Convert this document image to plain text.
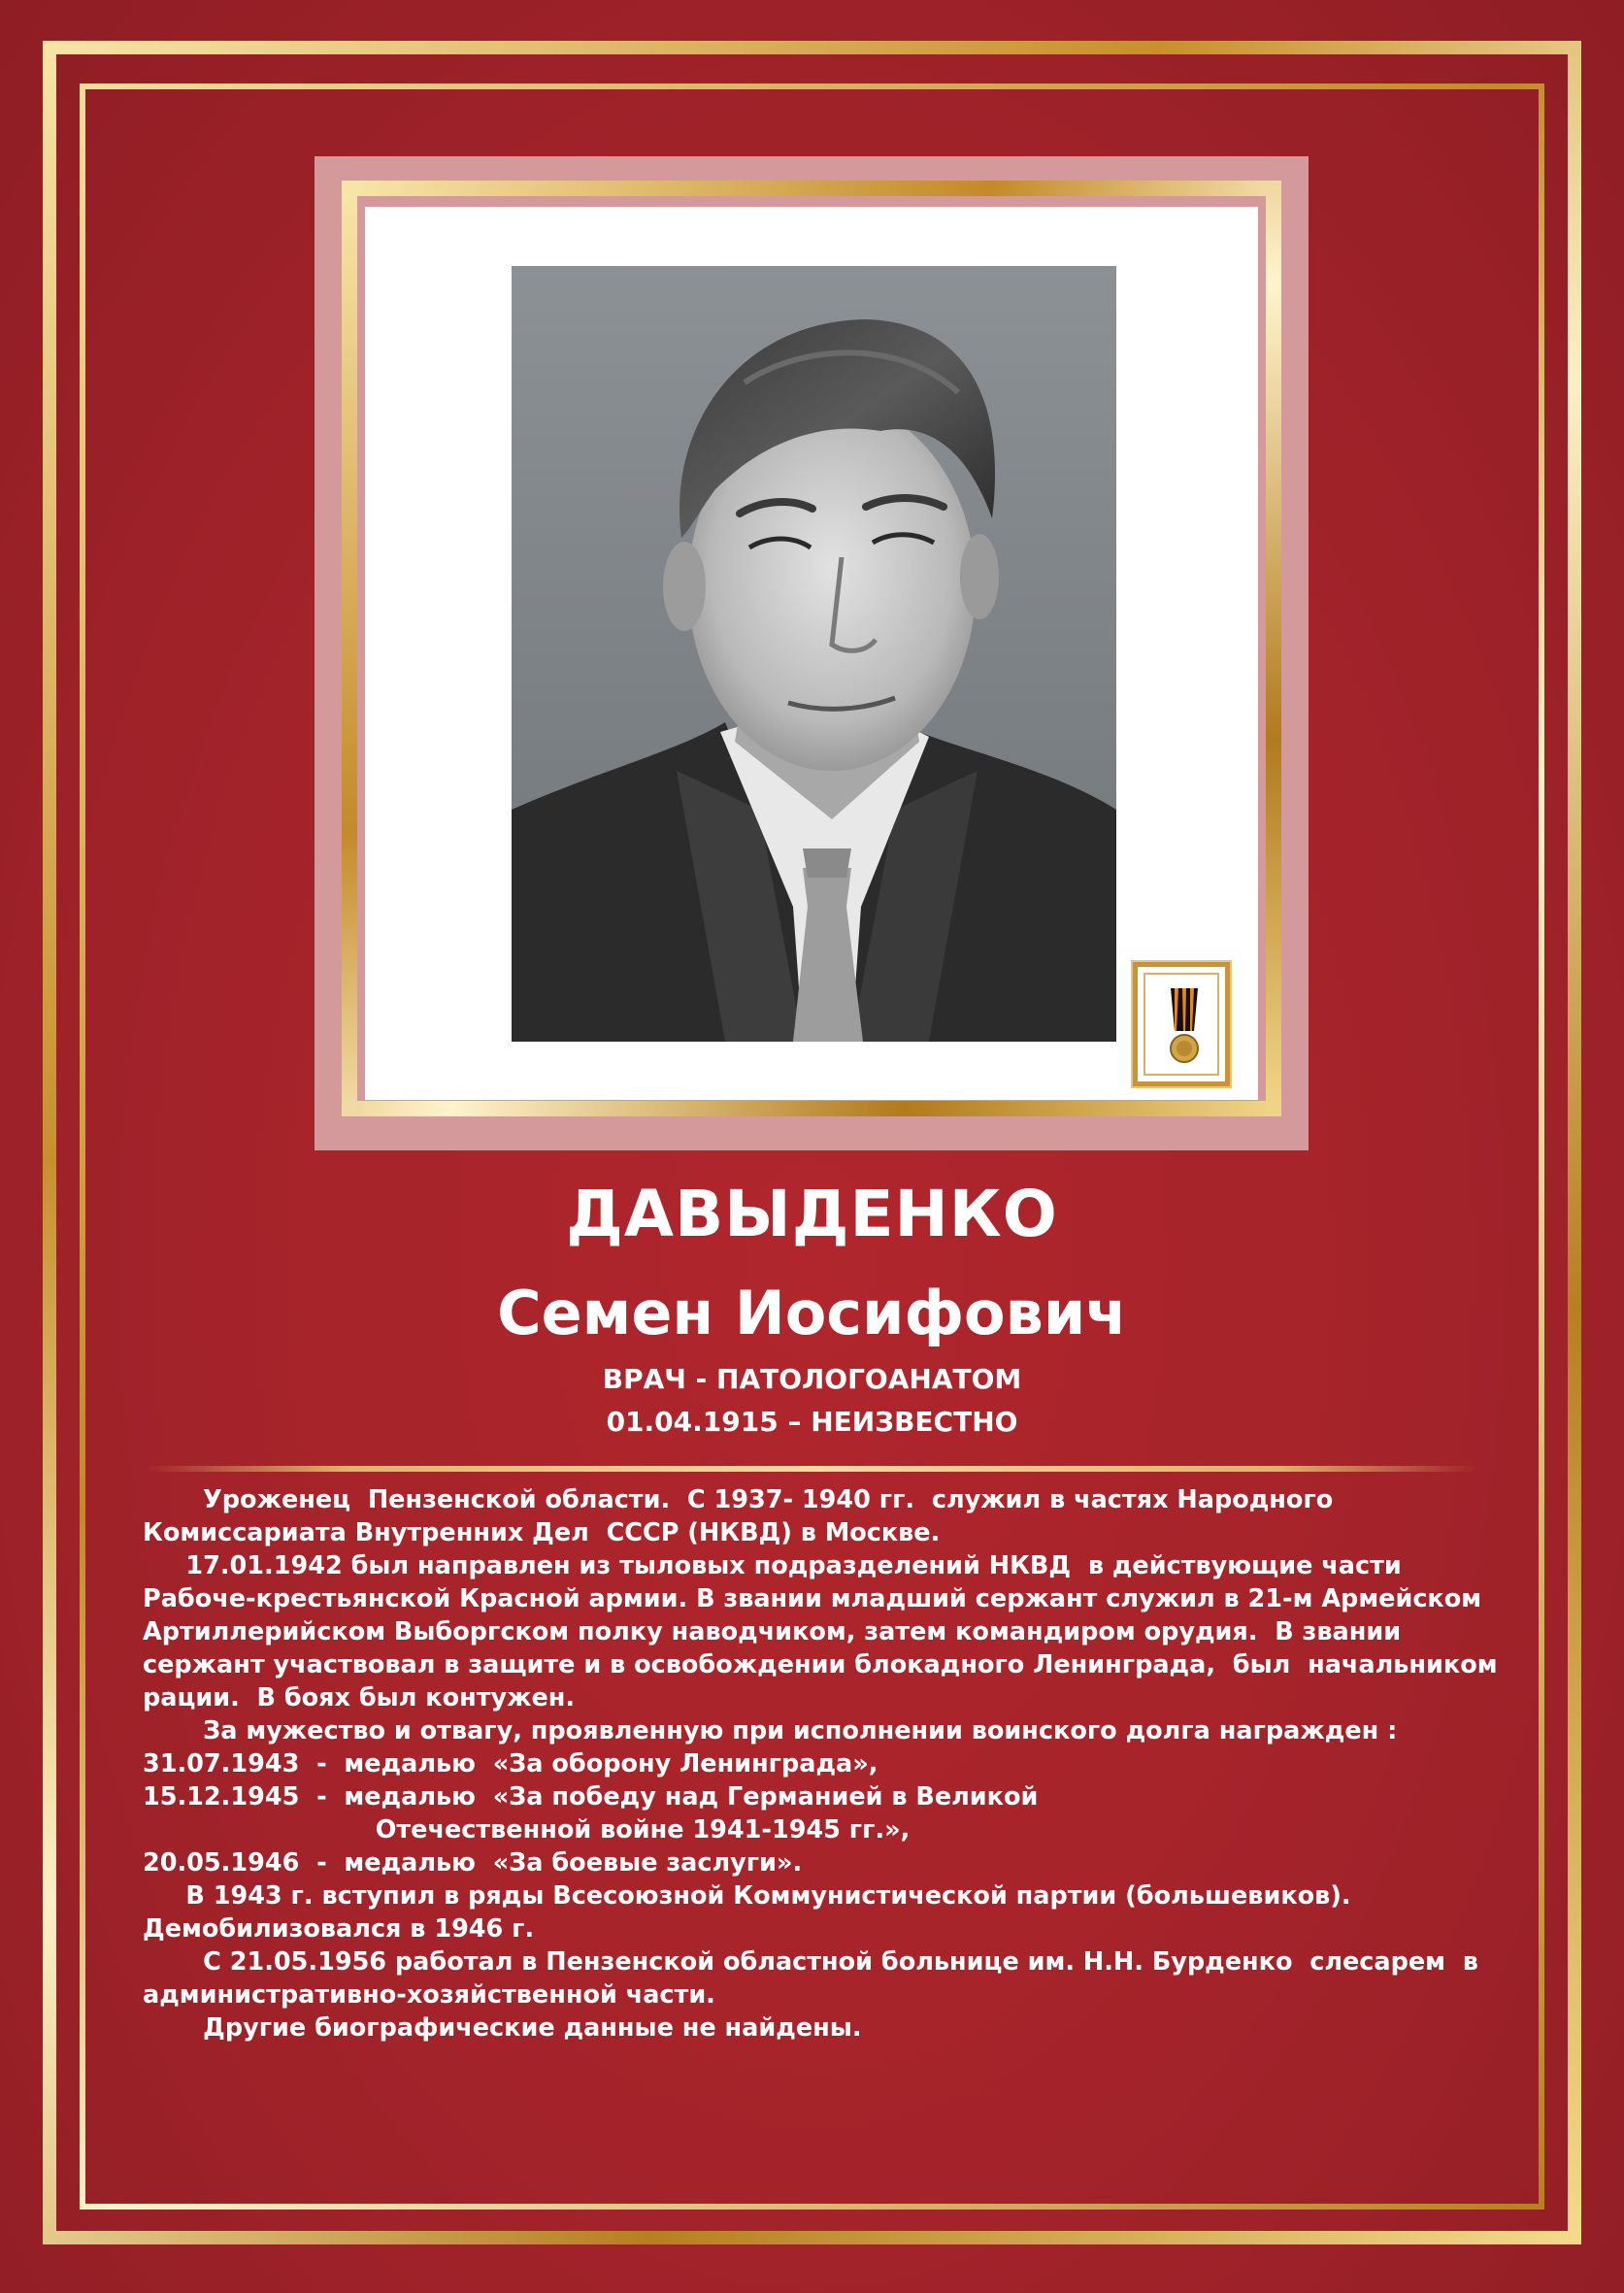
ДАВЫДЕНКО
Семен Иосифович
ВРАЧ - ПАТОЛОГОАНАТОМ
01.04.1915 – НЕИЗВЕСТНО

Уроженец  Пензенской области.  С 1937- 1940 гг.  служил в частях Народного

Комиссариата Внутренних Дел  СССР (НКВД) в Москве.

17.01.1942 был направлен из тыловых подразделений НКВД  в действующие части

Рабоче-крестьянской Красной армии. В звании младший сержант служил в 21-м Армейском

Артиллерийском Выборгском полку наводчиком, затем командиром орудия.  В звании

сержант участвовал в защите и в освобождении блокадного Ленинграда,  был  начальником

рации.  В боях был контужен.

За мужество и отвагу, проявленную при исполнении воинского долга награжден :

31.07.1943  -  медалью  «За оборону Ленинграда»,

15.12.1945  -  медалью  «За победу над Германией в Великой

Отечественной войне 1941-1945 гг.»,

20.05.1946  -  медалью  «За боевые заслуги».

В 1943 г. вступил в ряды Всесоюзной Коммунистической партии (большевиков).

Демобилизовался в 1946 г.

С 21.05.1956 работал в Пензенской областной больнице им. Н.Н. Бурденко  слесарем  в

административно-хозяйственной части.

Другие биографические данные не найдены.
